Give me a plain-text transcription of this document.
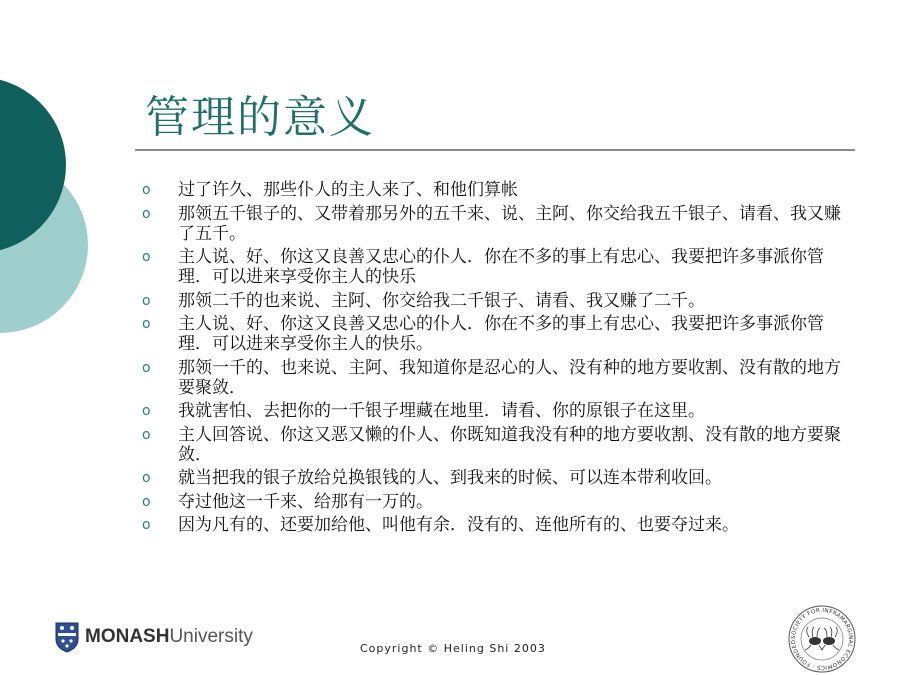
管理的意义
o	过了许久、那些仆人的主人来了、和他们算帐
o	那领五千银子的、又带着那另外的五千来、说、主阿、你交给我五千银子、请看、我又赚了五千。
o	主人说、好、你这又良善又忠心的仆人．你在不多的事上有忠心、我要把许多事派你管理．可以进来享受你主人的快乐
o	那领二千的也来说、主阿、你交给我二千银子、请看、我又赚了二千。
o	主人说、好、你这又良善又忠心的仆人．你在不多的事上有忠心、我要把许多事派你管理．可以进来享受你主人的快乐。
o	那领一千的、也来说、主阿、我知道你是忍心的人、没有种的地方要收割、没有散的地方要聚敛．
o	我就害怕、去把你的一千银子埋藏在地里．请看、你的原银子在这里。
o	主人回答说、你这又恶又懒的仆人、你既知道我没有种的地方要收割、没有散的地方要聚敛．
o	就当把我的银子放给兑换银钱的人、到我来的时候、可以连本带利收回。
o	夺过他这一千来、给那有一万的。
o	因为凡有的、还要加给他、叫他有余．没有的、连他所有的、也要夺过来。
MONASH University
Copyright © Heling Shi 2003
SOCIETY FOR INFRAMARGINAL ECONOMICS · FOUNDED
